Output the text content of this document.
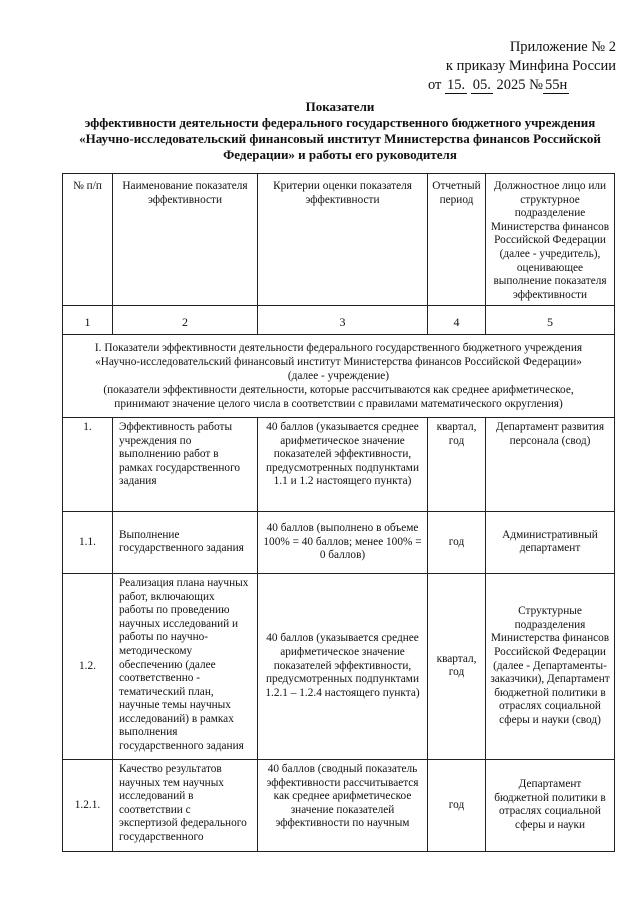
Приложение № 2
к приказу Минфина России
от 15. 05. 2025 № 55н
Показатели
эффективности деятельности федерального государственного бюджетного учреждения
«Научно-исследовательский финансовый институт Министерства финансов Российской
Федерации» и работы его руководителя
№ п/п	Наименование показателя эффективности	Критерии оценки показателя эффективности	Отчетный период	Должностное лицо или структурное подразделение Министерства финансов Российской Федерации (далее - учредитель), оценивающее выполнение показателя эффективности
1	2	3	4	5

I. Показатели эффективности деятельности федерального государственного бюджетного учреждения
«Научно-исследовательский финансовый институт Министерства финансов Российской Федерации»
(далее - учреждение)
(показатели эффективности деятельности, которые рассчитываются как среднее арифметическое,
принимают значение целого числа в соответствии с правилами математического округления)				

1.	Эффективность работы учреждения по выполнению работ в рамках государственного задания	40 баллов (указывается среднее арифметическое значение показателей эффективности, предусмотренных подпунктами 1.1 и 1.2 настоящего пункта)	квартал, год	Департамент развития персонала (свод)
1.1.	Выполнение государственного задания	40 баллов (выполнено в объеме 100% = 40 баллов; менее 100% = 0 баллов)	год	Административный департамент
1.2.	Реализация плана научных работ, включающих работы по проведению научных исследований и работы по научно-методическому обеспечению (далее соответственно - тематический план, научные темы научных исследований) в рамках выполнения государственного задания	40 баллов (указывается среднее арифметическое значение показателей эффективности, предусмотренных подпунктами 1.2.1 – 1.2.4 настоящего пункта)	квартал, год	Структурные подразделения Министерства финансов Российской Федерации (далее - Департаменты-заказчики), Департамент бюджетной политики в отраслях социальной сферы и науки (свод)
1.2.1.	Качество результатов научных тем научных исследований в соответствии с экспертизой федерального государственного	40 баллов (сводный показатель эффективности рассчитывается как среднее арифметическое значение показателей эффективности по научным	год	Департамент бюджетной политики в отраслях социальной сферы и науки
